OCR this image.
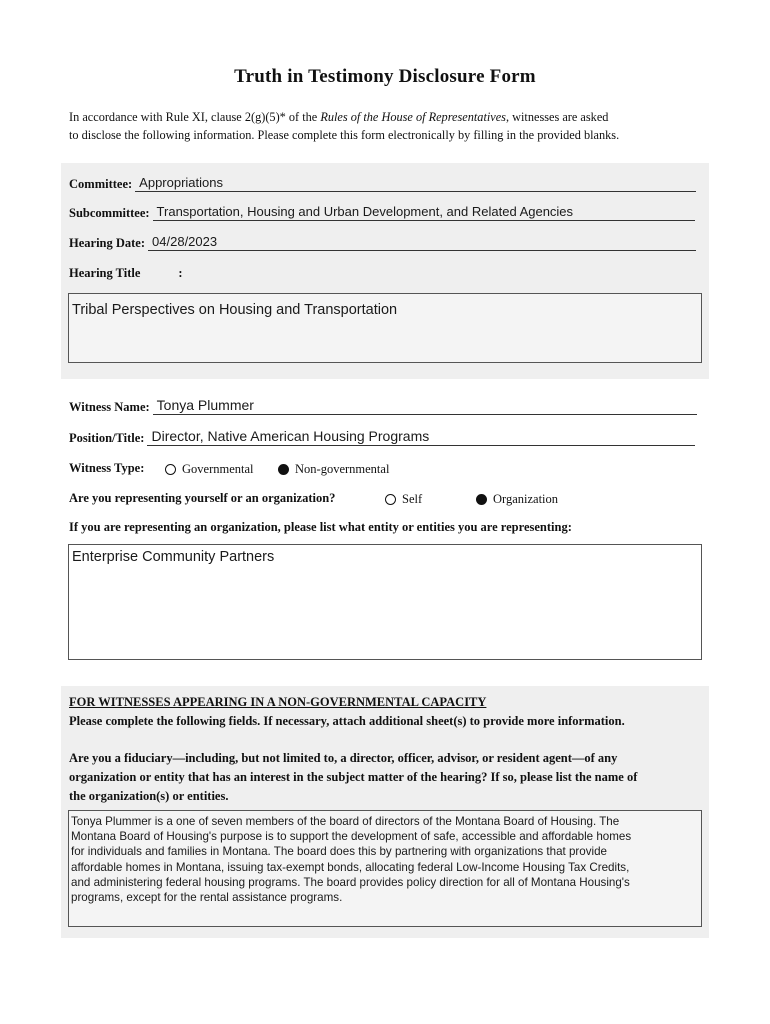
Truth in Testimony Disclosure Form

In accordance with Rule XI, clause 2(g)(5)* of the Rules of the House of Representatives, witnesses are asked

to disclose the following information. Please complete this form electronically by filling in the provided blanks.

Committee: Appropriations
Subcommittee: Transportation, Housing and Urban Development, and Related Agencies
Hearing Date: 04/28/2023
Hearing Title	:
Tribal Perspectives on Housing and Transportation
Witness Name: Tonya Plummer
Position/Title: Director, Native American Housing Programs
Witness Type:	Governmental	Non-governmental
Are you representing yourself or an organization?	Self	Organization
If you are representing an organization, please list what entity or entities you are representing:
Enterprise Community Partners
FOR WITNESSES APPEARING IN A NON-GOVERNMENTAL CAPACITY
Please complete the following fields. If necessary, attach additional sheet(s) to provide more information.

Are you a fiduciary—including, but not limited to, a director, officer, advisor, or resident agent—of any

organization or entity that has an interest in the subject matter of the hearing? If so, please list the name of

the organization(s) or entities.

Tonya Plummer is a one of seven members of the board of directors of the Montana Board of Housing. The

Montana Board of Housing's purpose is to support the development of safe, accessible and affordable homes

for individuals and families in Montana. The board does this by partnering with organizations that provide

affordable homes in Montana, issuing tax-exempt bonds, allocating federal Low-Income Housing Tax Credits,

and administering federal housing programs. The board provides policy direction for all of Montana Housing's

programs, except for the rental assistance programs.
